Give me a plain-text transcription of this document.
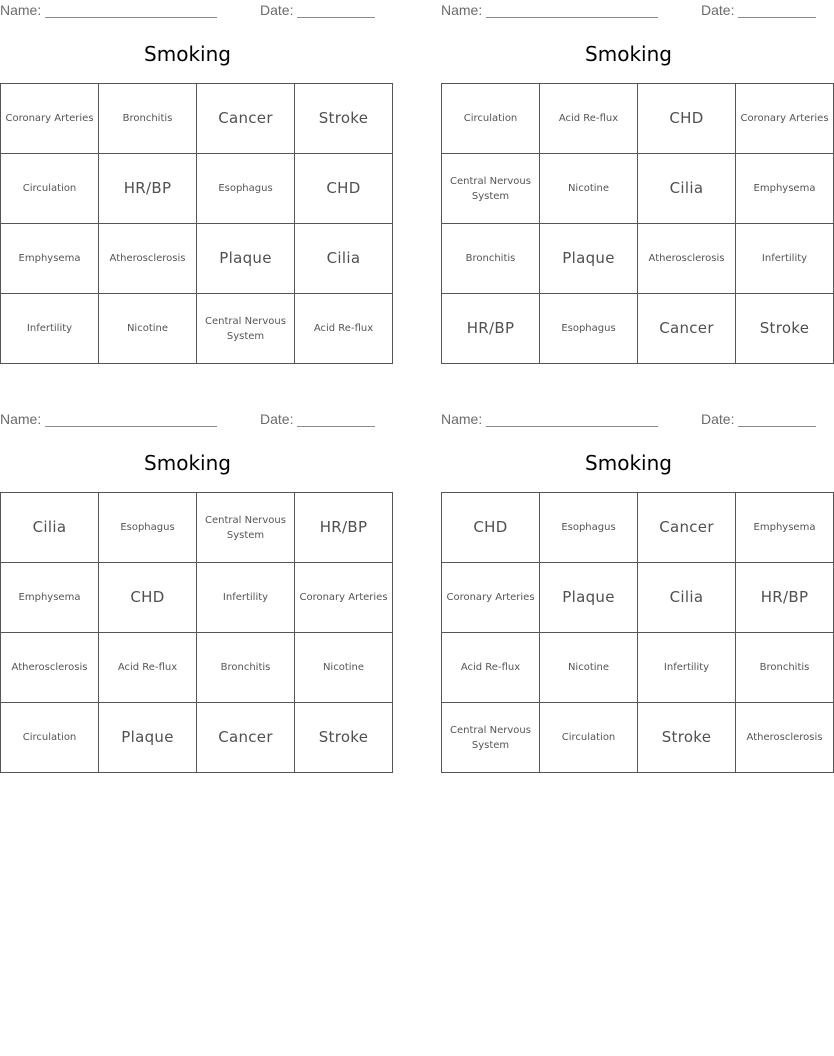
Name:	Date:
Smoking
Coronary Arteries	Bronchitis	Cancer	Stroke
Circulation	HR/BP	Esophagus	CHD
Emphysema	Atherosclerosis	Plaque	Cilia
Infertility	Nicotine	Central Nervous System	Acid Re-flux
Name:	Date:
Smoking
Circulation	Acid Re-flux	CHD	Coronary Arteries
Central Nervous System	Nicotine	Cilia	Emphysema
Bronchitis	Plaque	Atherosclerosis	Infertility
HR/BP	Esophagus	Cancer	Stroke
Name:	Date:
Smoking
Cilia	Esophagus	Central Nervous System	HR/BP
Emphysema	CHD	Infertility	Coronary Arteries
Atherosclerosis	Acid Re-flux	Bronchitis	Nicotine
Circulation	Plaque	Cancer	Stroke
Name:	Date:
Smoking
CHD	Esophagus	Cancer	Emphysema
Coronary Arteries	Plaque	Cilia	HR/BP
Acid Re-flux	Nicotine	Infertility	Bronchitis
Central Nervous System	Circulation	Stroke	Atherosclerosis
